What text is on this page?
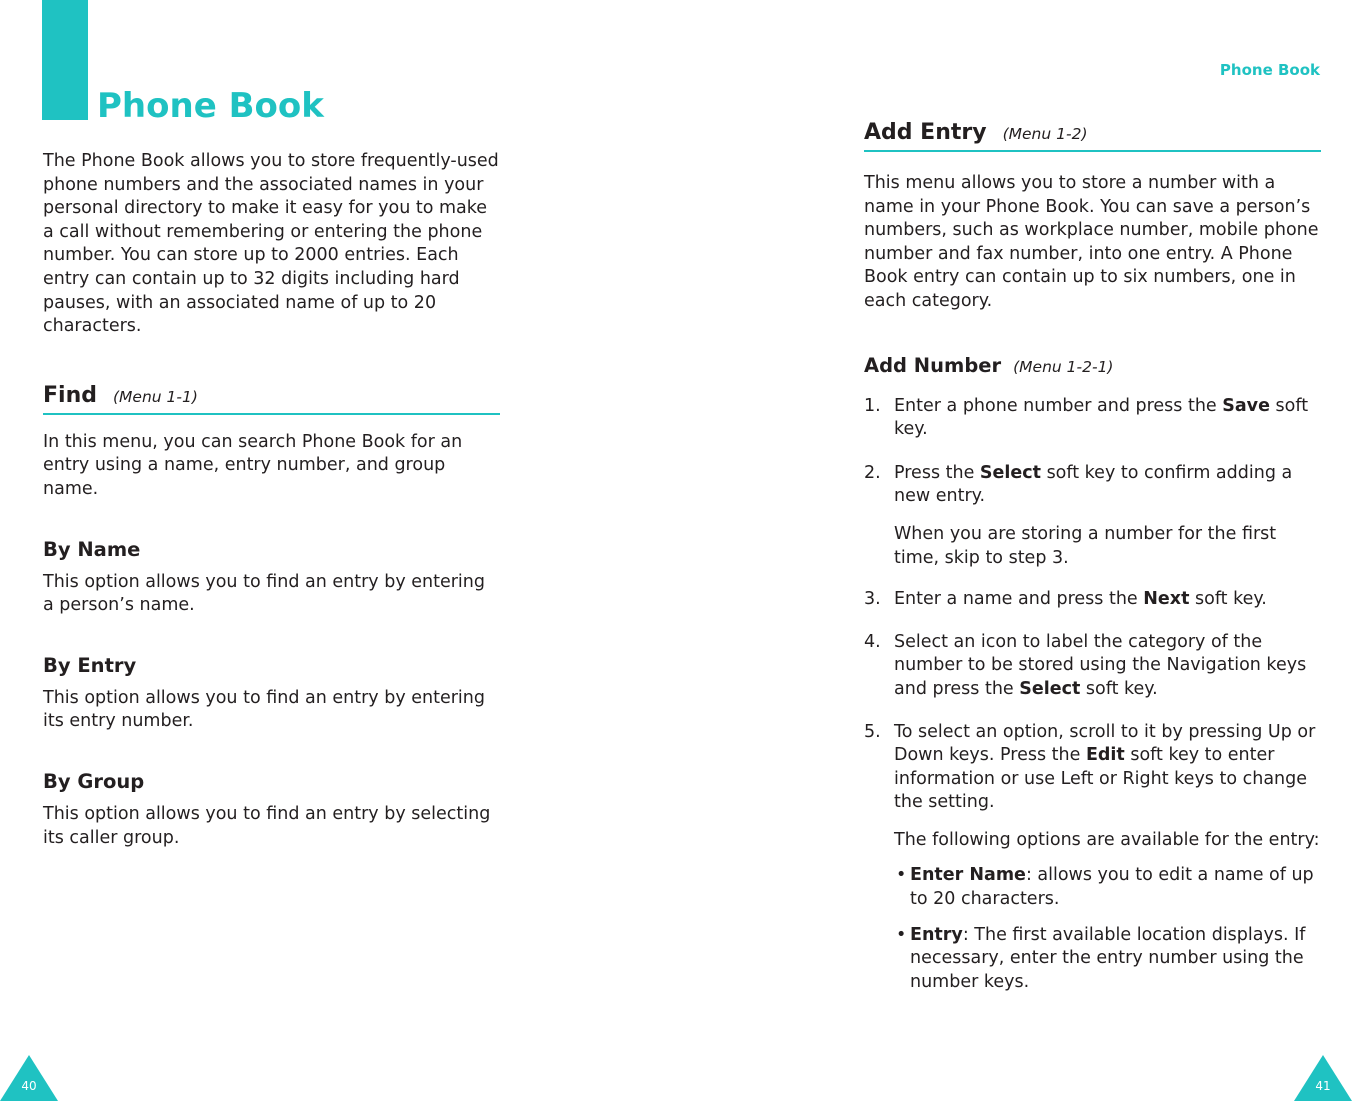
Phone Book

The Phone Book allows you to store frequently-used phone numbers and the associated names in your personal directory to make it easy for you to make a call without remembering or entering the phone number. You can store up to 2000 entries. Each entry can contain up to 32 digits including hard pauses, with an associated name of up to 20 characters.

Find (Menu 1-1)

In this menu, you can search Phone Book for an entry using a name, entry number, and group name.

By Name

This option allows you to find an entry by entering a person’s name.

By Entry

This option allows you to find an entry by entering its entry number.

By Group

This option allows you to find an entry by selecting its caller group.

40
Phone Book
Add Entry (Menu 1-2)

This menu allows you to store a number with a name in your Phone Book. You can save a person’s numbers, such as workplace number, mobile phone number and fax number, into one entry. A Phone Book entry can contain up to six numbers, one in each category.

Add Number (Menu 1-2-1)
1. Enter a phone number and press the Save soft key.
2. Press the Select soft key to confirm adding a new entry.
When you are storing a number for the first time, skip to step 3.
3. Enter a name and press the Next soft key.
4. Select an icon to label the category of the number to be stored using the Navigation keys and press the Select soft key.
5. To select an option, scroll to it by pressing Up or Down keys. Press the Edit soft key to enter information or use Left or Right keys to change the setting.
The following options are available for the entry:
• Enter Name: allows you to edit a name of up to 20 characters.
• Entry: The first available location displays. If necessary, enter the entry number using the number keys.
41
